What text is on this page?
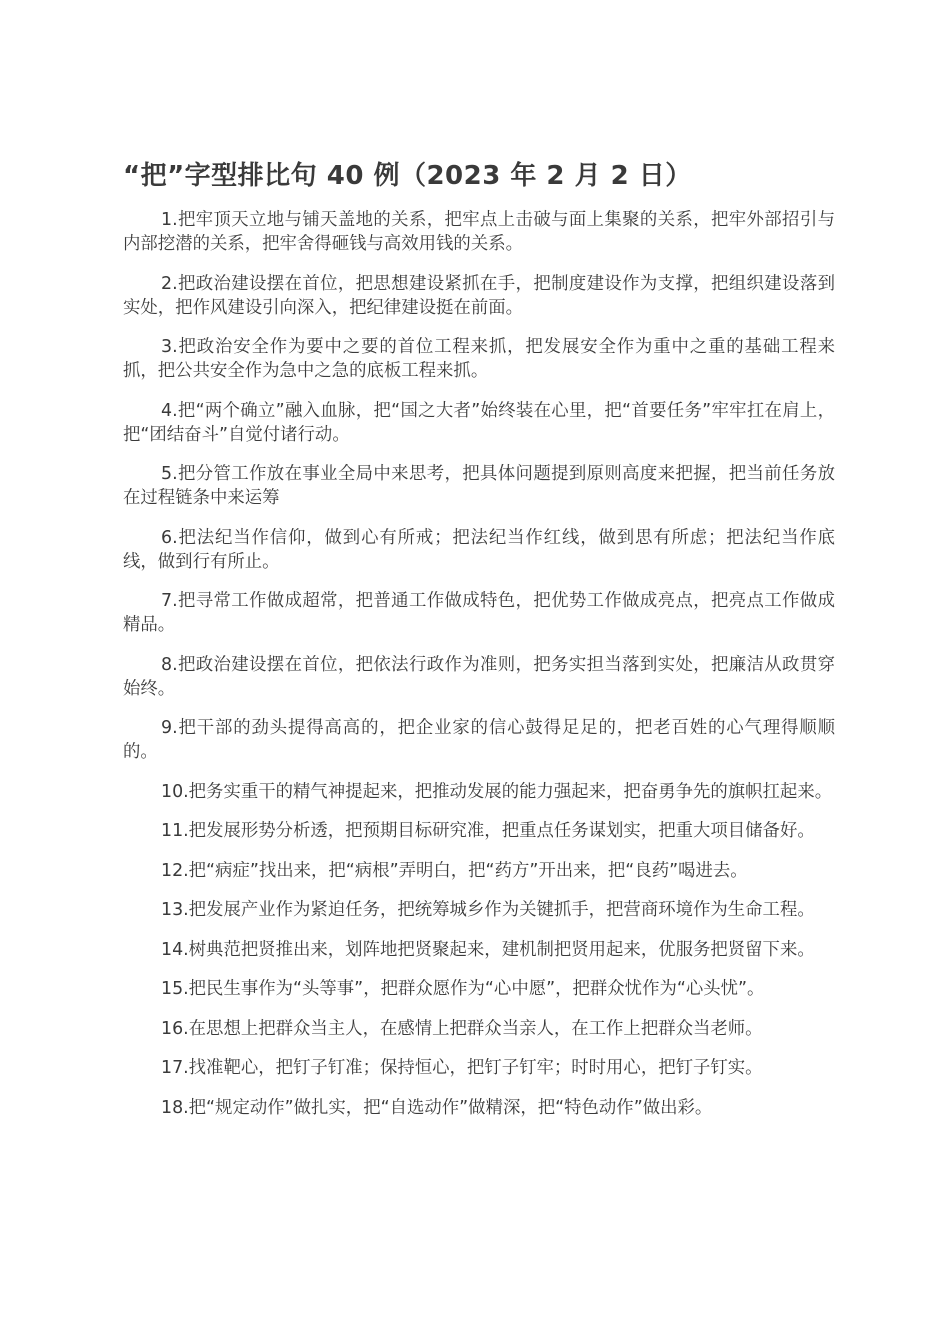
“把”字型排比句 40 例（2023 年 2 月 2 日）
1.把牢顶天立地与铺天盖地的关系，把牢点上击破与面上集聚的关系，把牢外部招引与内部挖潜的关系，把牢舍得砸钱与高效用钱的关系。
2.把政治建设摆在首位，把思想建设紧抓在手，把制度建设作为支撑，把组织建设落到实处，把作风建设引向深入，把纪律建设挺在前面。
3.把政治安全作为要中之要的首位工程来抓，把发展安全作为重中之重的基础工程来抓，把公共安全作为急中之急的底板工程来抓。
4.把“两个确立”融入血脉，把“国之大者”始终装在心里，把“首要任务”牢牢扛在肩上，把“团结奋斗”自觉付诸行动。
5.把分管工作放在事业全局中来思考，把具体问题提到原则高度来把握，把当前任务放在过程链条中来运筹
6.把法纪当作信仰，做到心有所戒；把法纪当作红线，做到思有所虑；把法纪当作底线，做到行有所止。
7.把寻常工作做成超常，把普通工作做成特色，把优势工作做成亮点，把亮点工作做成精品。
8.把政治建设摆在首位，把依法行政作为准则，把务实担当落到实处，把廉洁从政贯穿始终。
9.把干部的劲头提得高高的，把企业家的信心鼓得足足的，把老百姓的心气理得顺顺的。
10.把务实重干的精气神提起来，把推动发展的能力强起来，把奋勇争先的旗帜扛起来。
11.把发展形势分析透，把预期目标研究准，把重点任务谋划实，把重大项目储备好。
12.把“病症”找出来，把“病根”弄明白，把“药方”开出来，把“良药”喝进去。
13.把发展产业作为紧迫任务，把统筹城乡作为关键抓手，把营商环境作为生命工程。
14.树典范把贤推出来，划阵地把贤聚起来，建机制把贤用起来，优服务把贤留下来。
15.把民生事作为“头等事”，把群众愿作为“心中愿”，把群众忧作为“心头忧”。
16.在思想上把群众当主人，在感情上把群众当亲人，在工作上把群众当老师。
17.找准靶心，把钉子钉准；保持恒心，把钉子钉牢；时时用心，把钉子钉实。
18.把“规定动作”做扎实，把“自选动作”做精深，把“特色动作”做出彩。
